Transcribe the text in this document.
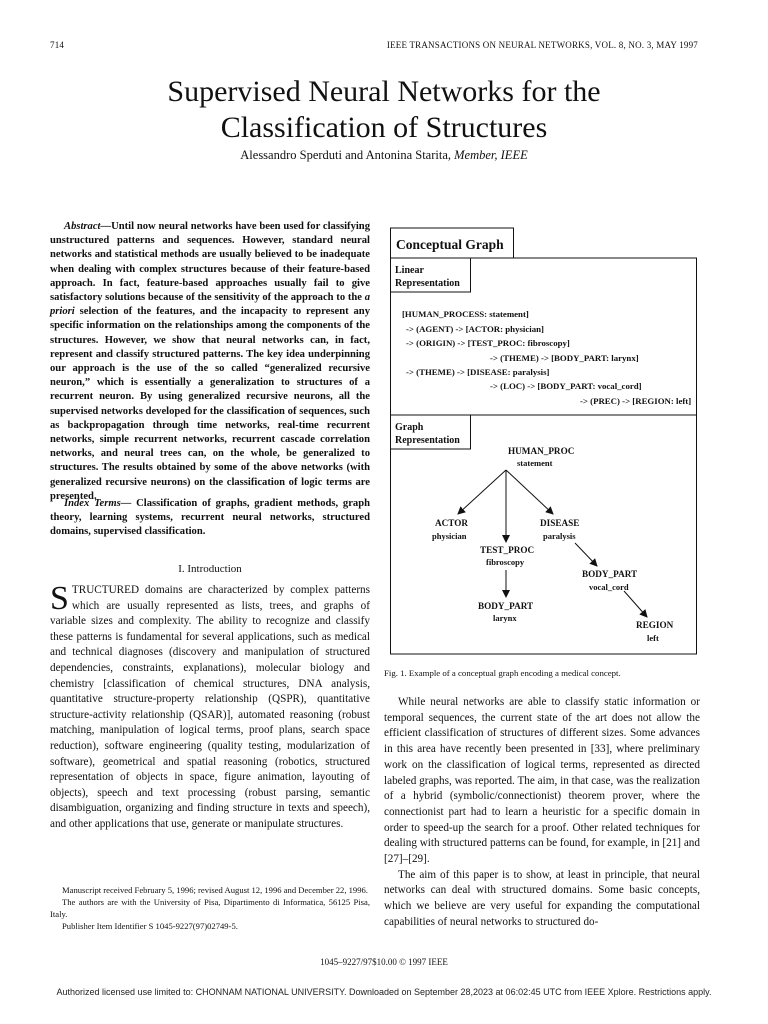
714	IEEE TRANSACTIONS ON NEURAL NETWORKS, VOL. 8, NO. 3, MAY 1997
Supervised Neural Networks for the
Classification of Structures
Alessandro Sperduti and Antonina Starita, Member, IEEE
Abstract—Until now neural networks have been used for classifying unstructured patterns and sequences. However, standard neural networks and statistical methods are usually believed to be inadequate when dealing with complex structures because of their feature-based approach. In fact, feature-based approaches usually fail to give satisfactory solutions because of the sensitivity of the approach to the a priori selection of the features, and the incapacity to represent any specific information on the relationships among the components of the structures. However, we show that neural networks can, in fact, represent and classify structured patterns. The key idea underpinning our approach is the use of the so called “generalized recursive neuron,” which is essentially a generalization to structures of a recurrent neuron. By using generalized recursive neurons, all the supervised networks developed for the classification of sequences, such as backpropagation through time networks, real-time recurrent networks, simple recurrent networks, recurrent cascade correlation networks, and neural trees can, on the whole, be generalized to structures. The results obtained by some of the above networks (with generalized recursive neurons) on the classification of logic terms are presented.
Index Terms— Classification of graphs, gradient methods, graph theory, learning systems, recurrent neural networks, structured domains, supervised classification.
I. Introduction
STRUCTURED domains are characterized by complex patterns which are usually represented as lists, trees, and graphs of variable sizes and complexity. The ability to recognize and classify these patterns is fundamental for several applications, such as medical and technical diagnoses (discovery and manipulation of structured dependencies, constraints, explanations), molecular biology and chemistry [classification of chemical structures, DNA analysis, quantitative structure-property relationship (QSPR), quantitative structure-activity relationship (QSAR)], automated reasoning (robust matching, manipulation of logical terms, proof plans, search space reduction), software engineering (quality testing, modularization of software), geometrical and spatial reasoning (robotics, structured representation of objects in space, figure animation, layouting of objects), speech and text processing (robust parsing, semantic disambiguation, organizing and finding structure in texts and speech), and other applications that use, generate or manipulate structures.

Manuscript received February 5, 1996; revised August 12, 1996 and December 22, 1996.

The authors are with the University of Pisa, Dipartimento di Informatica, 56125 Pisa, Italy.

Publisher Item Identifier S 1045-9227(97)02749-5.

Conceptual Graph
Linear
Representation
[HUMAN_PROCESS: statement]
-> (AGENT) -> [ACTOR: physician]
-> (ORIGIN) -> [TEST_PROC: fibroscopy]
-> (THEME) -> [BODY_PART: larynx]
-> (THEME) -> [DISEASE: paralysis]
-> (LOC) -> [BODY_PART: vocal_cord]
-> (PREC) -> [REGION: left]
Graph
Representation
HUMAN_PROC
statement
ACTOR
physician
TEST_PROC
fibroscopy
DISEASE
paralysis
BODY_PART
vocal_cord
BODY_PART
larynx
REGION
left
Fig. 1. Example of a conceptual graph encoding a medical concept.

While neural networks are able to classify static information or temporal sequences, the current state of the art does not allow the efficient classification of structures of different sizes. Some advances in this area have recently been presented in [33], where preliminary work on the classification of logical terms, represented as directed labeled graphs, was reported. The aim, in that case, was the realization of a hybrid (symbolic/connectionist) theorem prover, where the connectionist part had to learn a heuristic for a specific domain in order to speed-up the search for a proof. Other related techniques for dealing with structured patterns can be found, for example, in [21] and [27]–[29].

The aim of this paper is to show, at least in principle, that neural networks can deal with structured domains. Some basic concepts, which we believe are very useful for expanding the computational capabilities of neural networks to structured do-

1045–9227/97$10.00 © 1997 IEEE
Authorized licensed use limited to: CHONNAM NATIONAL UNIVERSITY. Downloaded on September 28,2023 at 06:02:45 UTC from IEEE Xplore. Restrictions apply.
